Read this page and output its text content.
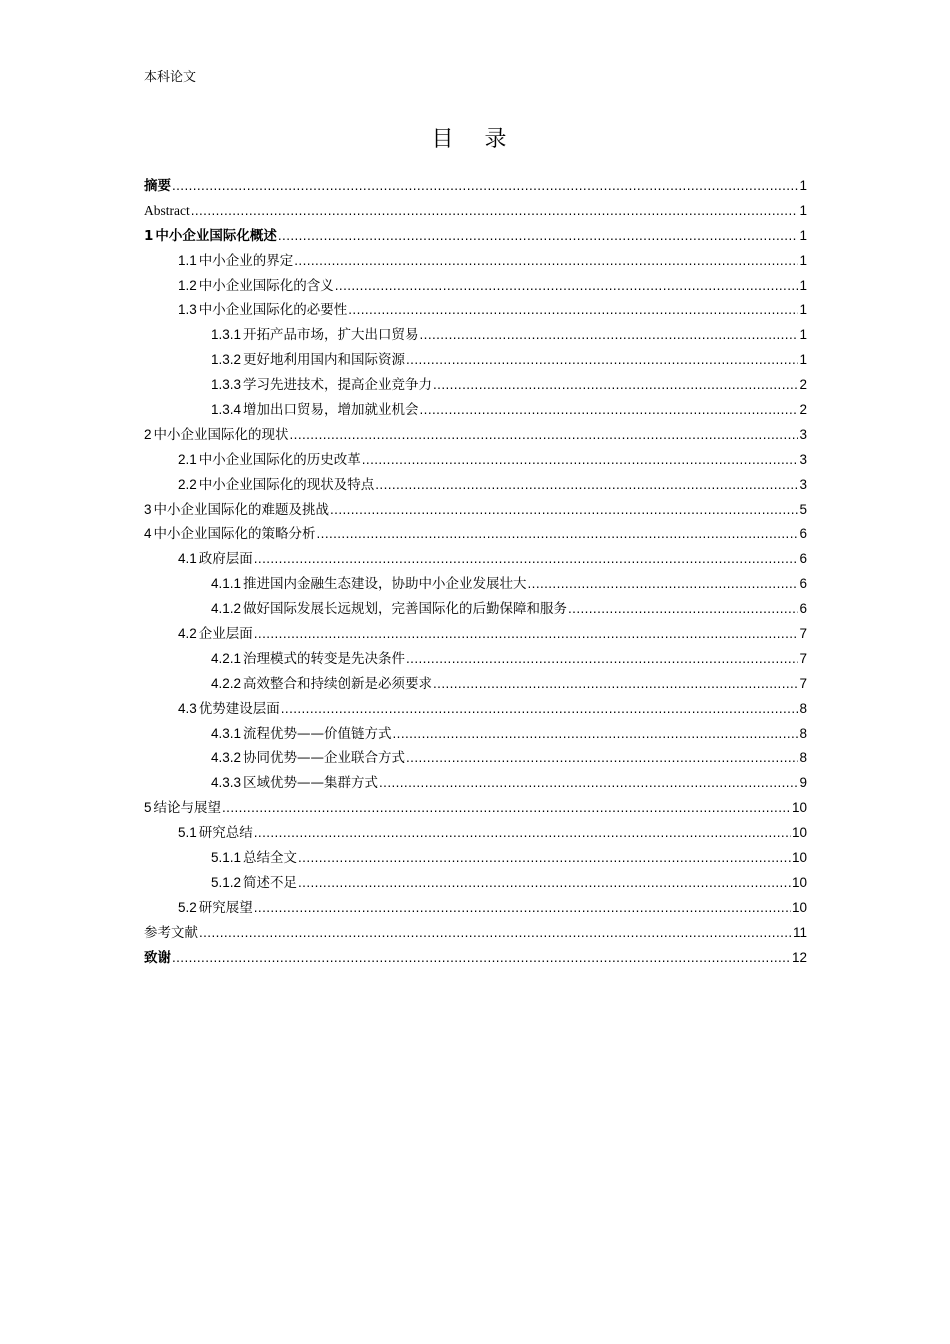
本科论文
目 录
摘要 .....	1
Abstract .....	1
1 中小企业国际化概述 .....	1
1.1 中小企业的界定 .....	1
1.2 中小企业国际化的含义 .....	1
1.3 中小企业国际化的必要性 .....	1
1.3.1 开拓产品市场，扩大出口贸易 .....	1
1.3.2 更好地利用国内和国际资源 .....	1
1.3.3 学习先进技术，提高企业竞争力 .....	2
1.3.4 增加出口贸易，增加就业机会 .....	2
2 中小企业国际化的现状 .....	3
2.1 中小企业国际化的历史改革 .....	3
2.2 中小企业国际化的现状及特点 .....	3
3 中小企业国际化的难题及挑战 .....	5
4 中小企业国际化的策略分析 .....	6
4.1 政府层面 .....	6
4.1.1 推进国内金融生态建设，协助中小企业发展壮大 .....	6
4.1.2 做好国际发展长远规划，完善国际化的后勤保障和服务 .....	6
4.2 企业层面 .....	7
4.2.1 治理模式的转变是先决条件 .....	7
4.2.2 高效整合和持续创新是必须要求 .....	7
4.3 优势建设层面 .....	8
4.3.1 流程优势——价值链方式 .....	8
4.3.2 协同优势——企业联合方式 .....	8
4.3.3 区域优势——集群方式 .....	9
5 结论与展望 .....	10
5.1 研究总结 .....	10
5.1.1 总结全文 .....	10
5.1.2 简述不足 .....	10
5.2 研究展望 .....	10
参考文献 .....	11
致谢 .....	12
